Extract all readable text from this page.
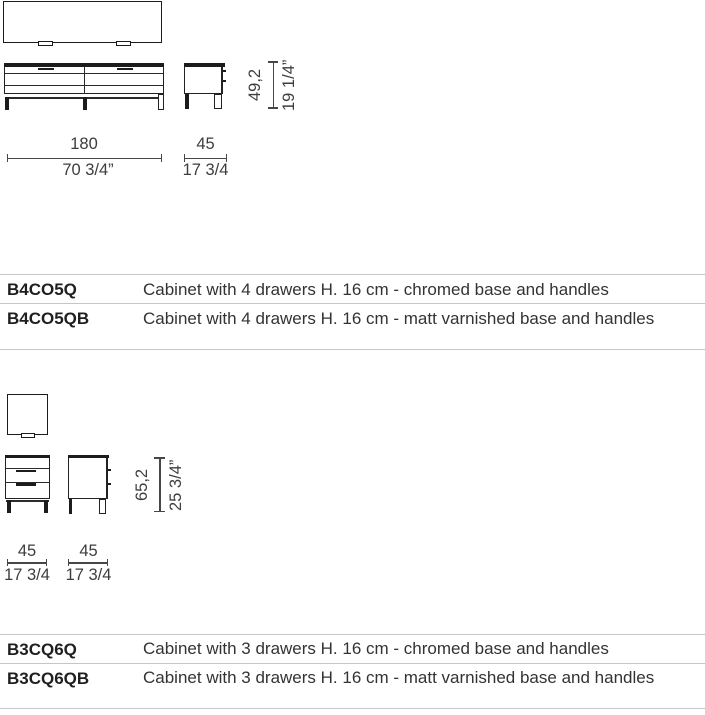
49,2 19 1/4”
180
70 3/4”
45
17 3/4
B4CO5Q	Cabinet with 4 drawers H. 16 cm - chromed base and handles
B4CO5QB	Cabinet with 4 drawers H. 16 cm - matt varnished base and handles
65,2 25 3/4”
45
17 3/4
45
17 3/4
B3CQ6Q	Cabinet with 3 drawers H. 16 cm - chromed base and handles
B3CQ6QB	Cabinet with 3 drawers H. 16 cm - matt varnished base and handles
